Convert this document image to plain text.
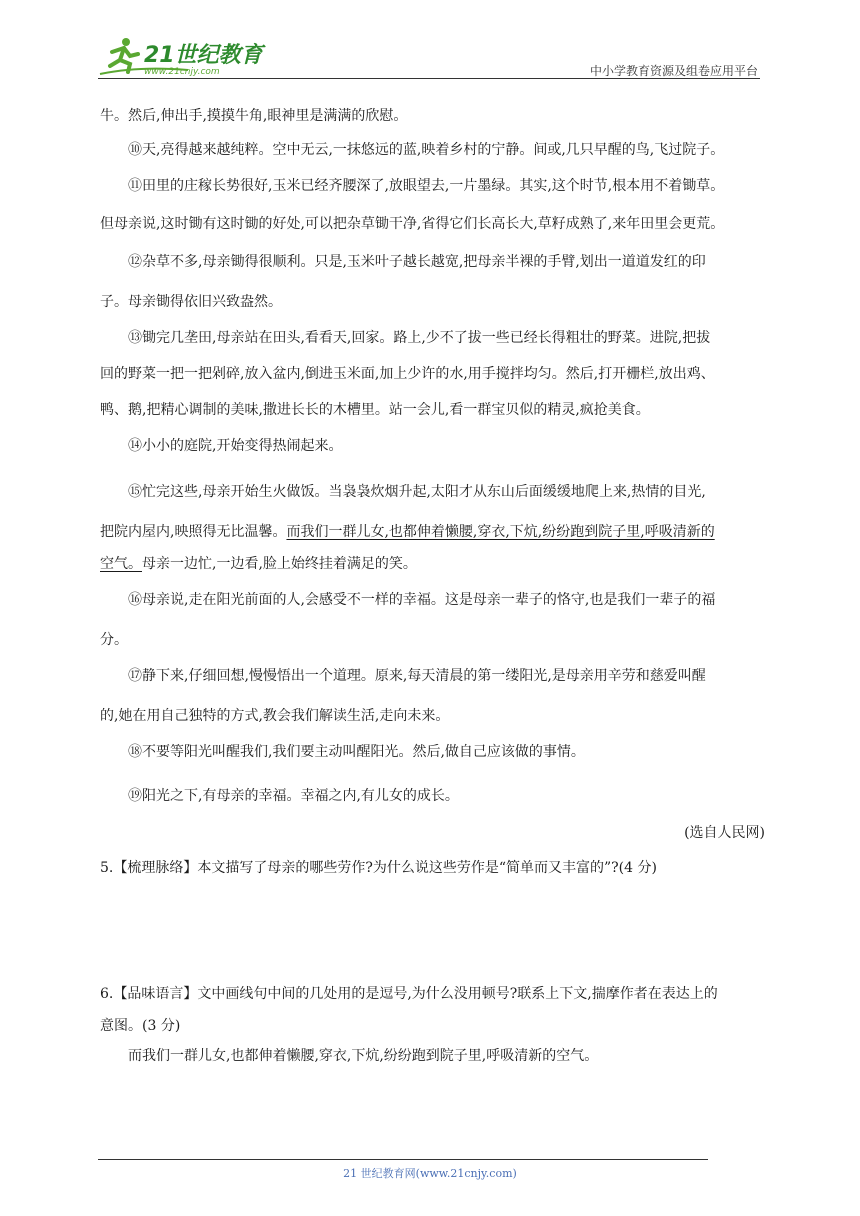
21世纪教育
www.21cnjy.com	中小学教育资源及组卷应用平台
牛。然后,伸出手,摸摸牛角,眼神里是满满的欣慰。
⑩天,亮得越来越纯粹。空中无云,一抹悠远的蓝,映着乡村的宁静。间或,几只早醒的鸟,飞过院子。
⑪田里的庄稼长势很好,玉米已经齐腰深了,放眼望去,一片墨绿。其实,这个时节,根本用不着锄草。
但母亲说,这时锄有这时锄的好处,可以把杂草锄干净,省得它们长高长大,草籽成熟了,来年田里会更荒。
⑫杂草不多,母亲锄得很顺利。只是,玉米叶子越长越宽,把母亲半裸的手臂,划出一道道发红的印
子。母亲锄得依旧兴致盎然。
⑬锄完几垄田,母亲站在田头,看看天,回家。路上,少不了拔一些已经长得粗壮的野菜。进院,把拔
回的野菜一把一把剁碎,放入盆内,倒进玉米面,加上少许的水,用手搅拌均匀。然后,打开栅栏,放出鸡、
鸭、鹅,把精心调制的美味,撒进长长的木槽里。站一会儿,看一群宝贝似的精灵,疯抢美食。
⑭小小的庭院,开始变得热闹起来。
⑮忙完这些,母亲开始生火做饭。当袅袅炊烟升起,太阳才从东山后面缓缓地爬上来,热情的目光,
把院内屋内,映照得无比温馨。而我们一群儿女,也都伸着懒腰,穿衣,下炕,纷纷跑到院子里,呼吸清新的
空气。母亲一边忙,一边看,脸上始终挂着满足的笑。
⑯母亲说,走在阳光前面的人,会感受不一样的幸福。这是母亲一辈子的恪守,也是我们一辈子的福
分。
⑰静下来,仔细回想,慢慢悟出一个道理。原来,每天清晨的第一缕阳光,是母亲用辛劳和慈爱叫醒
的,她在用自己独特的方式,教会我们解读生活,走向未来。
⑱不要等阳光叫醒我们,我们要主动叫醒阳光。然后,做自己应该做的事情。
⑲阳光之下,有母亲的幸福。幸福之内,有儿女的成长。
(选自人民网)
5.【梳理脉络】本文描写了母亲的哪些劳作?为什么说这些劳作是“简单而又丰富的”?(4 分)
6.【品味语言】文中画线句中间的几处用的是逗号,为什么没用顿号?联系上下文,揣摩作者在表达上的
意图。(3 分)
而我们一群儿女,也都伸着懒腰,穿衣,下炕,纷纷跑到院子里,呼吸清新的空气。
21 世纪教育网(www.21cnjy.com)
